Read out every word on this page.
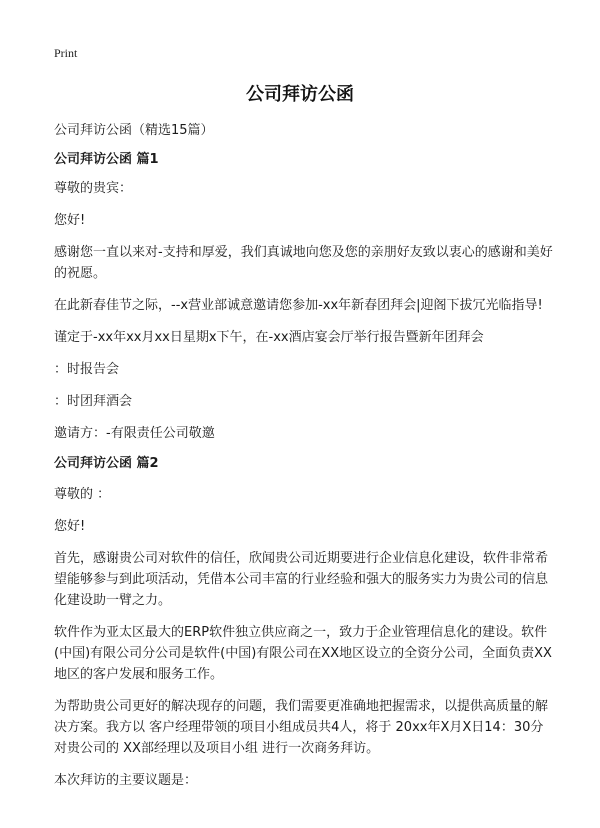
Print
公司拜访公函

公司拜访公函（精选15篇）

公司拜访公函 篇1

尊敬的贵宾：

您好!

感谢您一直以来对-支持和厚爱，我们真诚地向您及您的亲朋好友致以衷心的感谢和美好的祝愿。

在此新春佳节之际，--x营业部诚意邀请您参加-xx年新春团拜会|迎阁下拔冗光临指导!

谨定于-xx年xx月xx日星期x下午，在-xx酒店宴会厅举行报告暨新年团拜会

：时报告会

：时团拜酒会

邀请方：-有限责任公司敬邀

公司拜访公函 篇2

尊敬的 ：

您好!

首先，感谢贵公司对软件的信任，欣闻贵公司近期要进行企业信息化建设，软件非常希望能够参与到此项活动，凭借本公司丰富的行业经验和强大的服务实力为贵公司的信息化建设助一臂之力。

软件作为亚太区最大的ERP软件独立供应商之一，致力于企业管理信息化的建设。软件(中国)有限公司分公司是软件(中国)有限公司在XX地区设立的全资分公司，全面负责XX地区的客户发展和服务工作。

为帮助贵公司更好的解决现存的问题，我们需要更准确地把握需求，以提供高质量的解决方案。我方以 客户经理带领的项目小组成员共4人，将于 20xx年X月X日14：30分 对贵公司的 XX部经理以及项目小组 进行一次商务拜访。

本次拜访的主要议题是：
